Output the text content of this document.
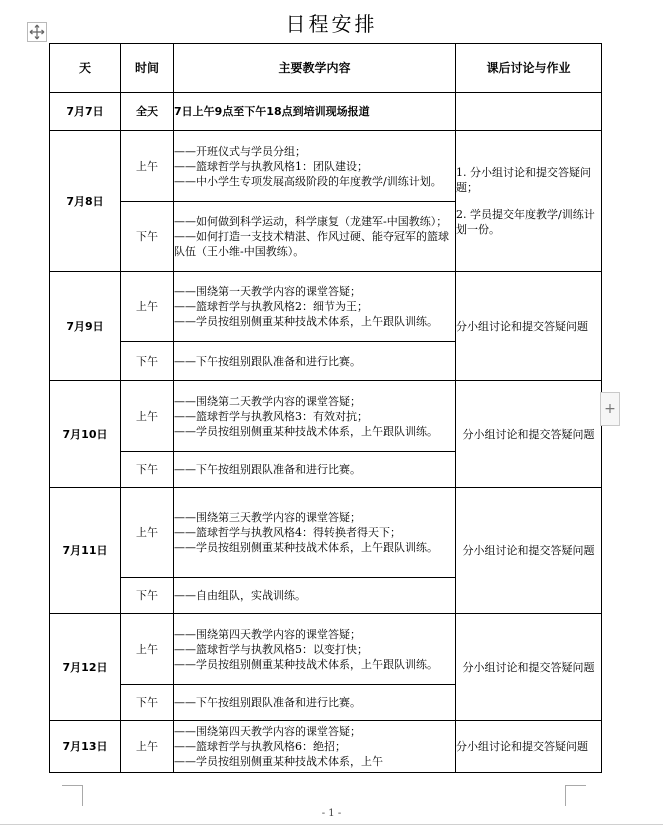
日程安排
天	时间	主要教学内容	课后讨论与作业
7月7日	全天	7日上午9点至下午18点到培训现场报道	
7月8日	上午	——开班仪式与学员分组；
——篮球哲学与执教风格1：团队建设；
——中小学生专项发展高级阶段的年度教学/训练计划。	1. 分小组讨论和提交答疑问题；
2. 学员提交年度教学/训练计划一份。

	下午	——如何做到科学运动，科学康复（龙建军-中国教练）；
——如何打造一支技术精湛、作风过硬、能夺冠军的篮球队伍（王小维-中国教练）。	

7月9日	上午	——围绕第一天教学内容的课堂答疑；
——篮球哲学与执教风格2：细节为王；
——学员按组别侧重某种技战术体系，上午跟队训练。	分小组讨论和提交答疑问题
	下午	——下午按组别跟队准备和进行比赛。	

7月10日	上午	——围绕第二天教学内容的课堂答疑；
——篮球哲学与执教风格3：有效对抗；
——学员按组别侧重某种技战术体系，上午跟队训练。	分小组讨论和提交答疑问题
	下午	——下午按组别跟队准备和进行比赛。	

7月11日	上午	——围绕第三天教学内容的课堂答疑；
——篮球哲学与执教风格4：得转换者得天下；
——学员按组别侧重某种技战术体系，上午跟队训练。	分小组讨论和提交答疑问题
	下午	——自由组队，实战训练。	

7月12日	上午	——围绕第四天教学内容的课堂答疑；
——篮球哲学与执教风格5：以变打快；
——学员按组别侧重某种技战术体系，上午跟队训练。	分小组讨论和提交答疑问题
	下午	——下午按组别跟队准备和进行比赛。	

7月13日	上午	——围绕第四天教学内容的课堂答疑；
——篮球哲学与执教风格6：绝招；
——学员按组别侧重某种技战术体系，上午	分小组讨论和提交答疑问题
+
- 1 -
